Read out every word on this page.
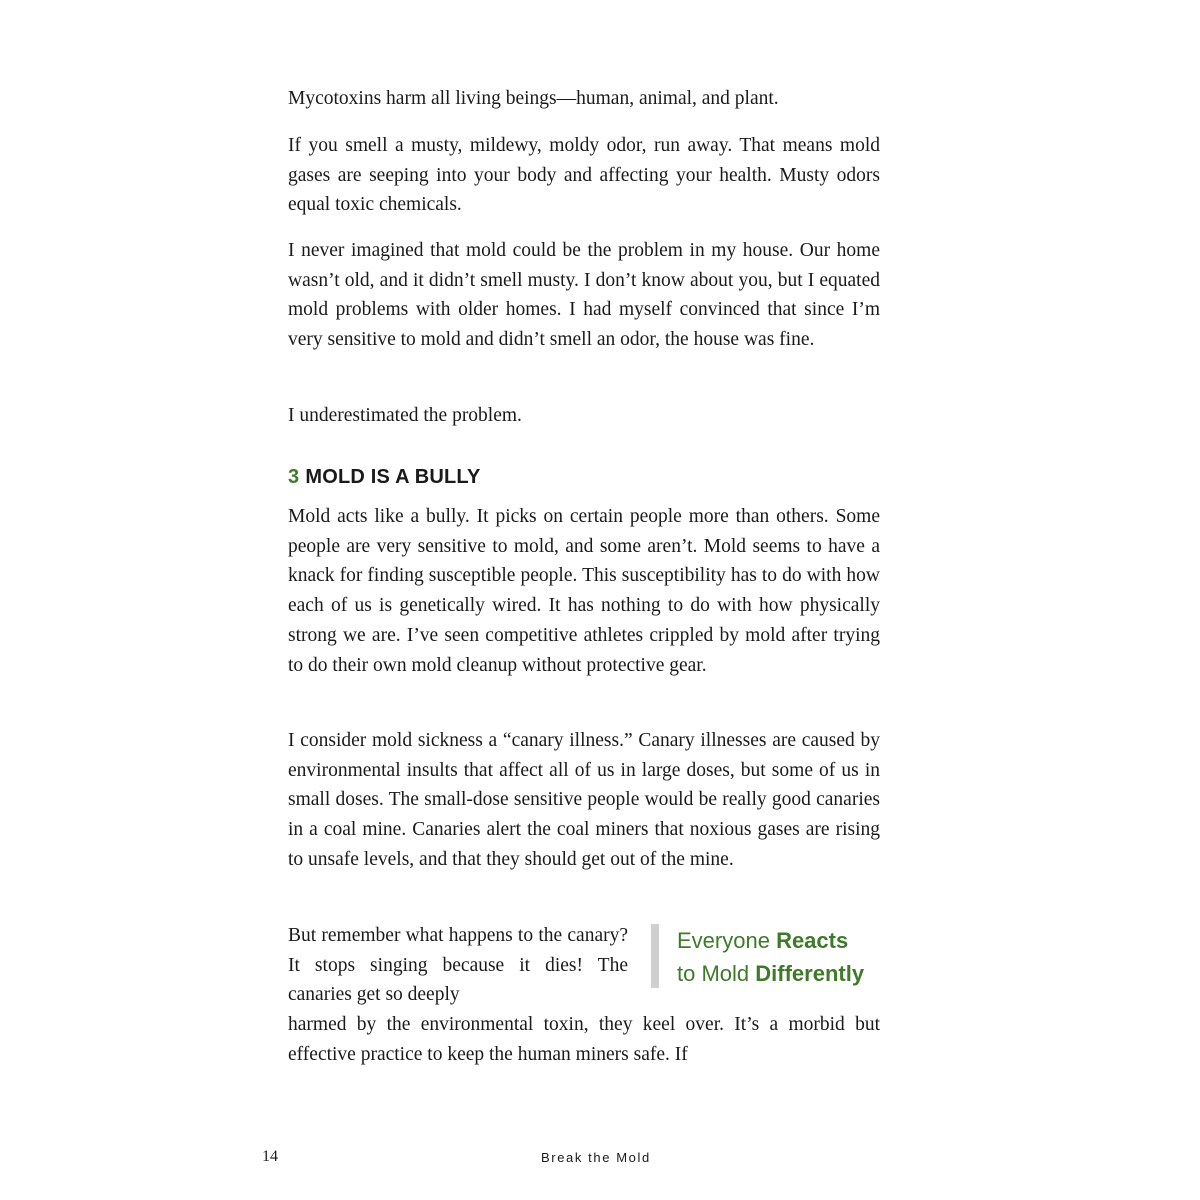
Mycotoxins harm all living beings—human, animal, and plant.

If you smell a musty, mildewy, moldy odor, run away. That means mold gases are seeping into your body and affecting your health. Musty odors equal toxic chemicals.

I never imagined that mold could be the problem in my house. Our home wasn’t old, and it didn’t smell musty. I don’t know about you, but I equated mold problems with older homes. I had myself convinced that since I’m very sensitive to mold and didn’t smell an odor, the house was fine.

I underestimated the problem.

3 MOLD IS A BULLY

Mold acts like a bully. It picks on certain people more than others. Some people are very sensitive to mold, and some aren’t. Mold seems to have a knack for finding susceptible people. This susceptibility has to do with how each of us is genetically wired. It has nothing to do with how physically strong we are. I’ve seen competitive athletes crippled by mold after trying to do their own mold cleanup without protective gear.

I consider mold sickness a “canary illness.” Canary illnesses are caused by environmental insults that affect all of us in large doses, but some of us in small doses. The small-dose sensitive people would be really good canaries in a coal mine. Canaries alert the coal miners that noxious gases are rising to unsafe levels, and that they should get out of the mine.

But remember what happens to the canary? It stops singing because it dies! The canaries get so deeply

Everyone Reacts
to Mold Differently

harmed by the environmental toxin, they keel over. It’s a morbid but effective practice to keep the human miners safe. If

14	Break the Mold
